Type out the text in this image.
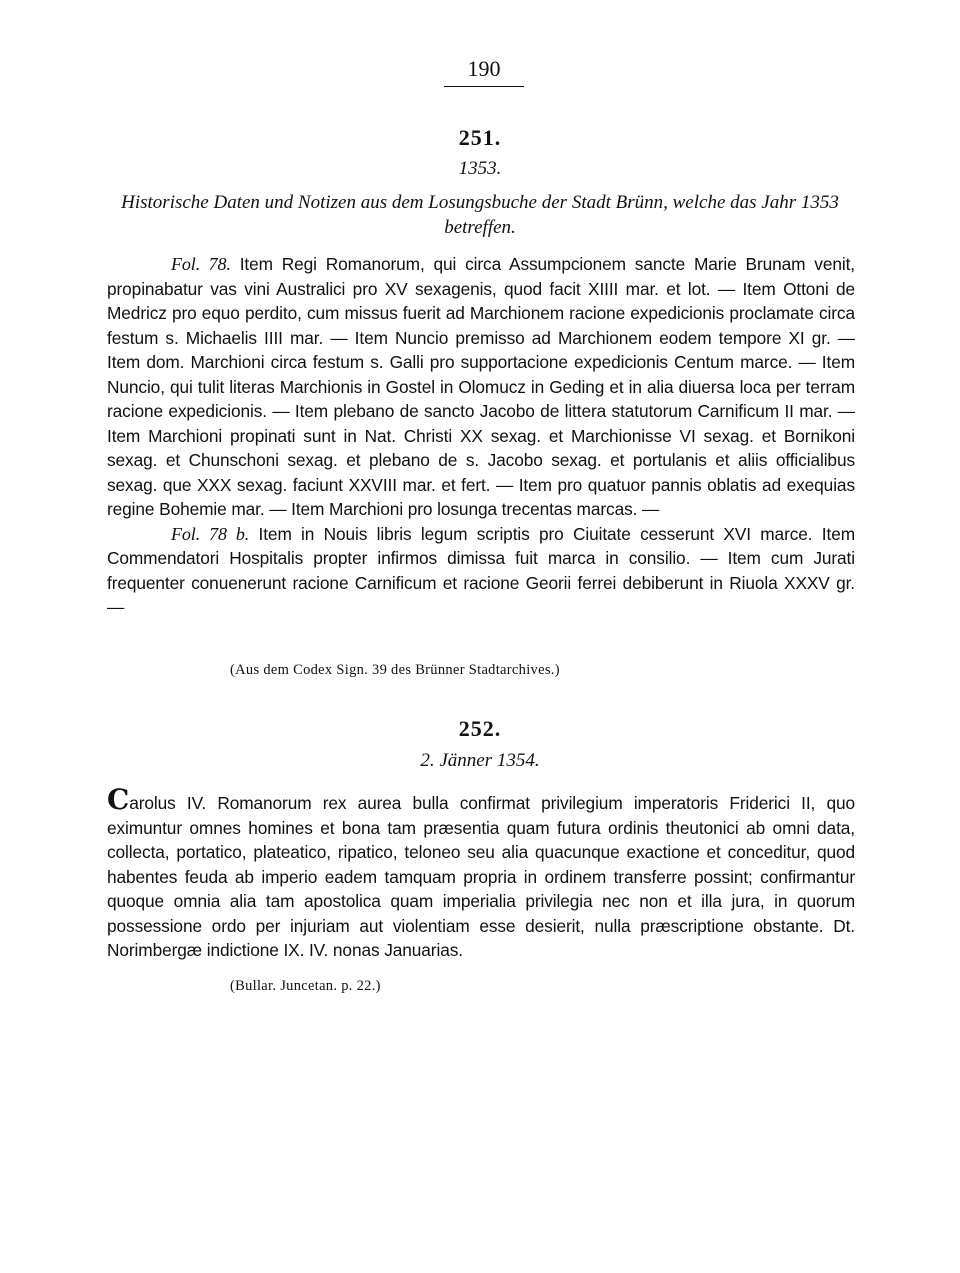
190
251.
1353.
Historische Daten und Notizen aus dem Losungsbuche der Stadt Brünn, welche das Jahr 1353 betreffen.

Fol. 78. Item Regi Romanorum, qui circa Assumpcionem sancte Marie Brunam venit, propinabatur vas vini Australici pro XV sexagenis, quod facit XIIII mar. et lot. — Item Ottoni de Medricz pro equo perdito, cum missus fuerit ad Marchionem racione expedicionis proclamate circa festum s. Michaelis IIII mar. — Item Nuncio premisso ad Marchionem eodem tempore XI gr. — Item dom. Marchioni circa festum s. Galli pro supportacione expedicionis Centum marce. — Item Nuncio, qui tulit literas Marchionis in Gostel in Olomucz in Geding et in alia diuersa loca per terram racione expedicionis. — Item plebano de sancto Jacobo de littera statutorum Carnificum II mar. — Item Marchioni propinati sunt in Nat. Christi XX sexag. et Marchionisse VI sexag. et Bornikoni sexag. et Chunschoni sexag. et plebano de s. Jacobo sexag. et portulanis et aliis officialibus sexag. que XXX sexag. faciunt XXVIII mar. et fert. — Item pro quatuor pannis oblatis ad exequias regine Bohemie mar. — Item Marchioni pro losunga trecentas marcas. —

Fol. 78 b. Item in Nouis libris legum scriptis pro Ciuitate cesserunt XVI marce. Item Commendatori Hospitalis propter infirmos dimissa fuit marca in consilio. — Item cum Jurati frequenter conuenerunt racione Carnificum et racione Georii ferrei debiberunt in Riuola XXXV gr. —

(Aus dem Codex Sign. 39 des Brünner Stadtarchives.)
252.
2. Jänner 1354.

Carolus IV. Romanorum rex aurea bulla confirmat privilegium imperatoris Friderici II, quo eximuntur omnes homines et bona tam præsentia quam futura ordinis theutonici ab omni data, collecta, portatico, plateatico, ripatico, teloneo seu alia quacunque exactione et conceditur, quod habentes feuda ab imperio eadem tamquam propria in ordinem transferre possint; confirmantur quoque omnia alia tam apostolica quam imperialia privilegia nec non et illa jura, in quorum possessione ordo per injuriam aut violentiam esse desierit, nulla præscriptione obstante. Dt. Norimbergæ indictione IX. IV. nonas Januarias.

(Bullar. Juncetan. p. 22.)
